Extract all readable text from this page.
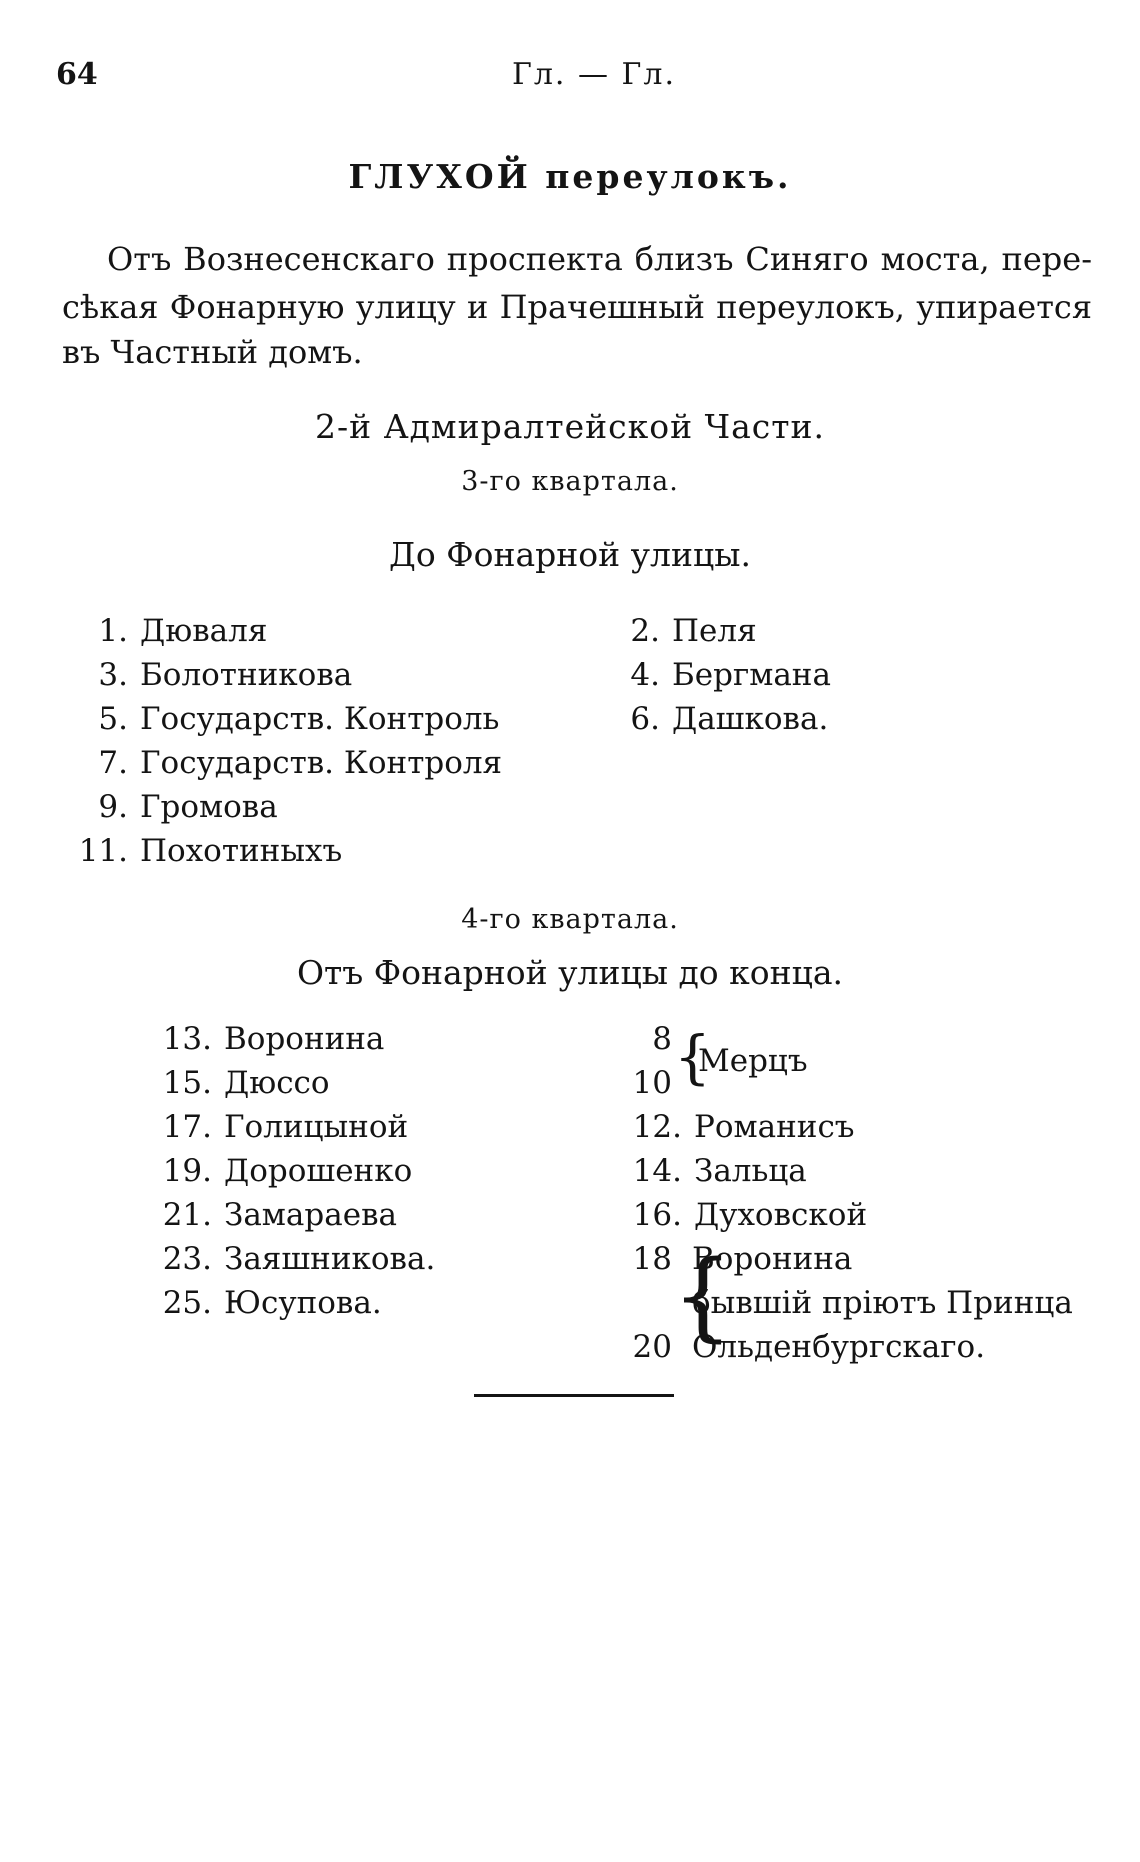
64	Гл. — Гл.
ГЛУХОЙ переулокъ.
Отъ Вознесенскаго проспекта близъ Синяго моста, пере-
сѣкая Фонарную улицу и Прачешный переулокъ, упирается
въ Частный домъ.
2-й Адмиралтейской Части.
3-го квартала.
До Фонарной улицы.
1. Дюваля
3. Болотникова
5. Государств. Контроль
7. Государств. Контроля
9. Громова
11. Похотиныхъ
2. Пеля
4. Бергмана
6. Дашкова.
4-го квартала.
Отъ Фонарной улицы до конца.
13. Воронина
15. Дюссо
17. Голицыной
19. Дорошенко
21. Замараева
23. Заяшникова.
25. Юсупова.
8
10 {
Мерцъ
12. Романисъ
14. Зальца
16. Духовской
18
20 {
Воронина
бывшій пріютъ Принца
Ольденбургскаго.
